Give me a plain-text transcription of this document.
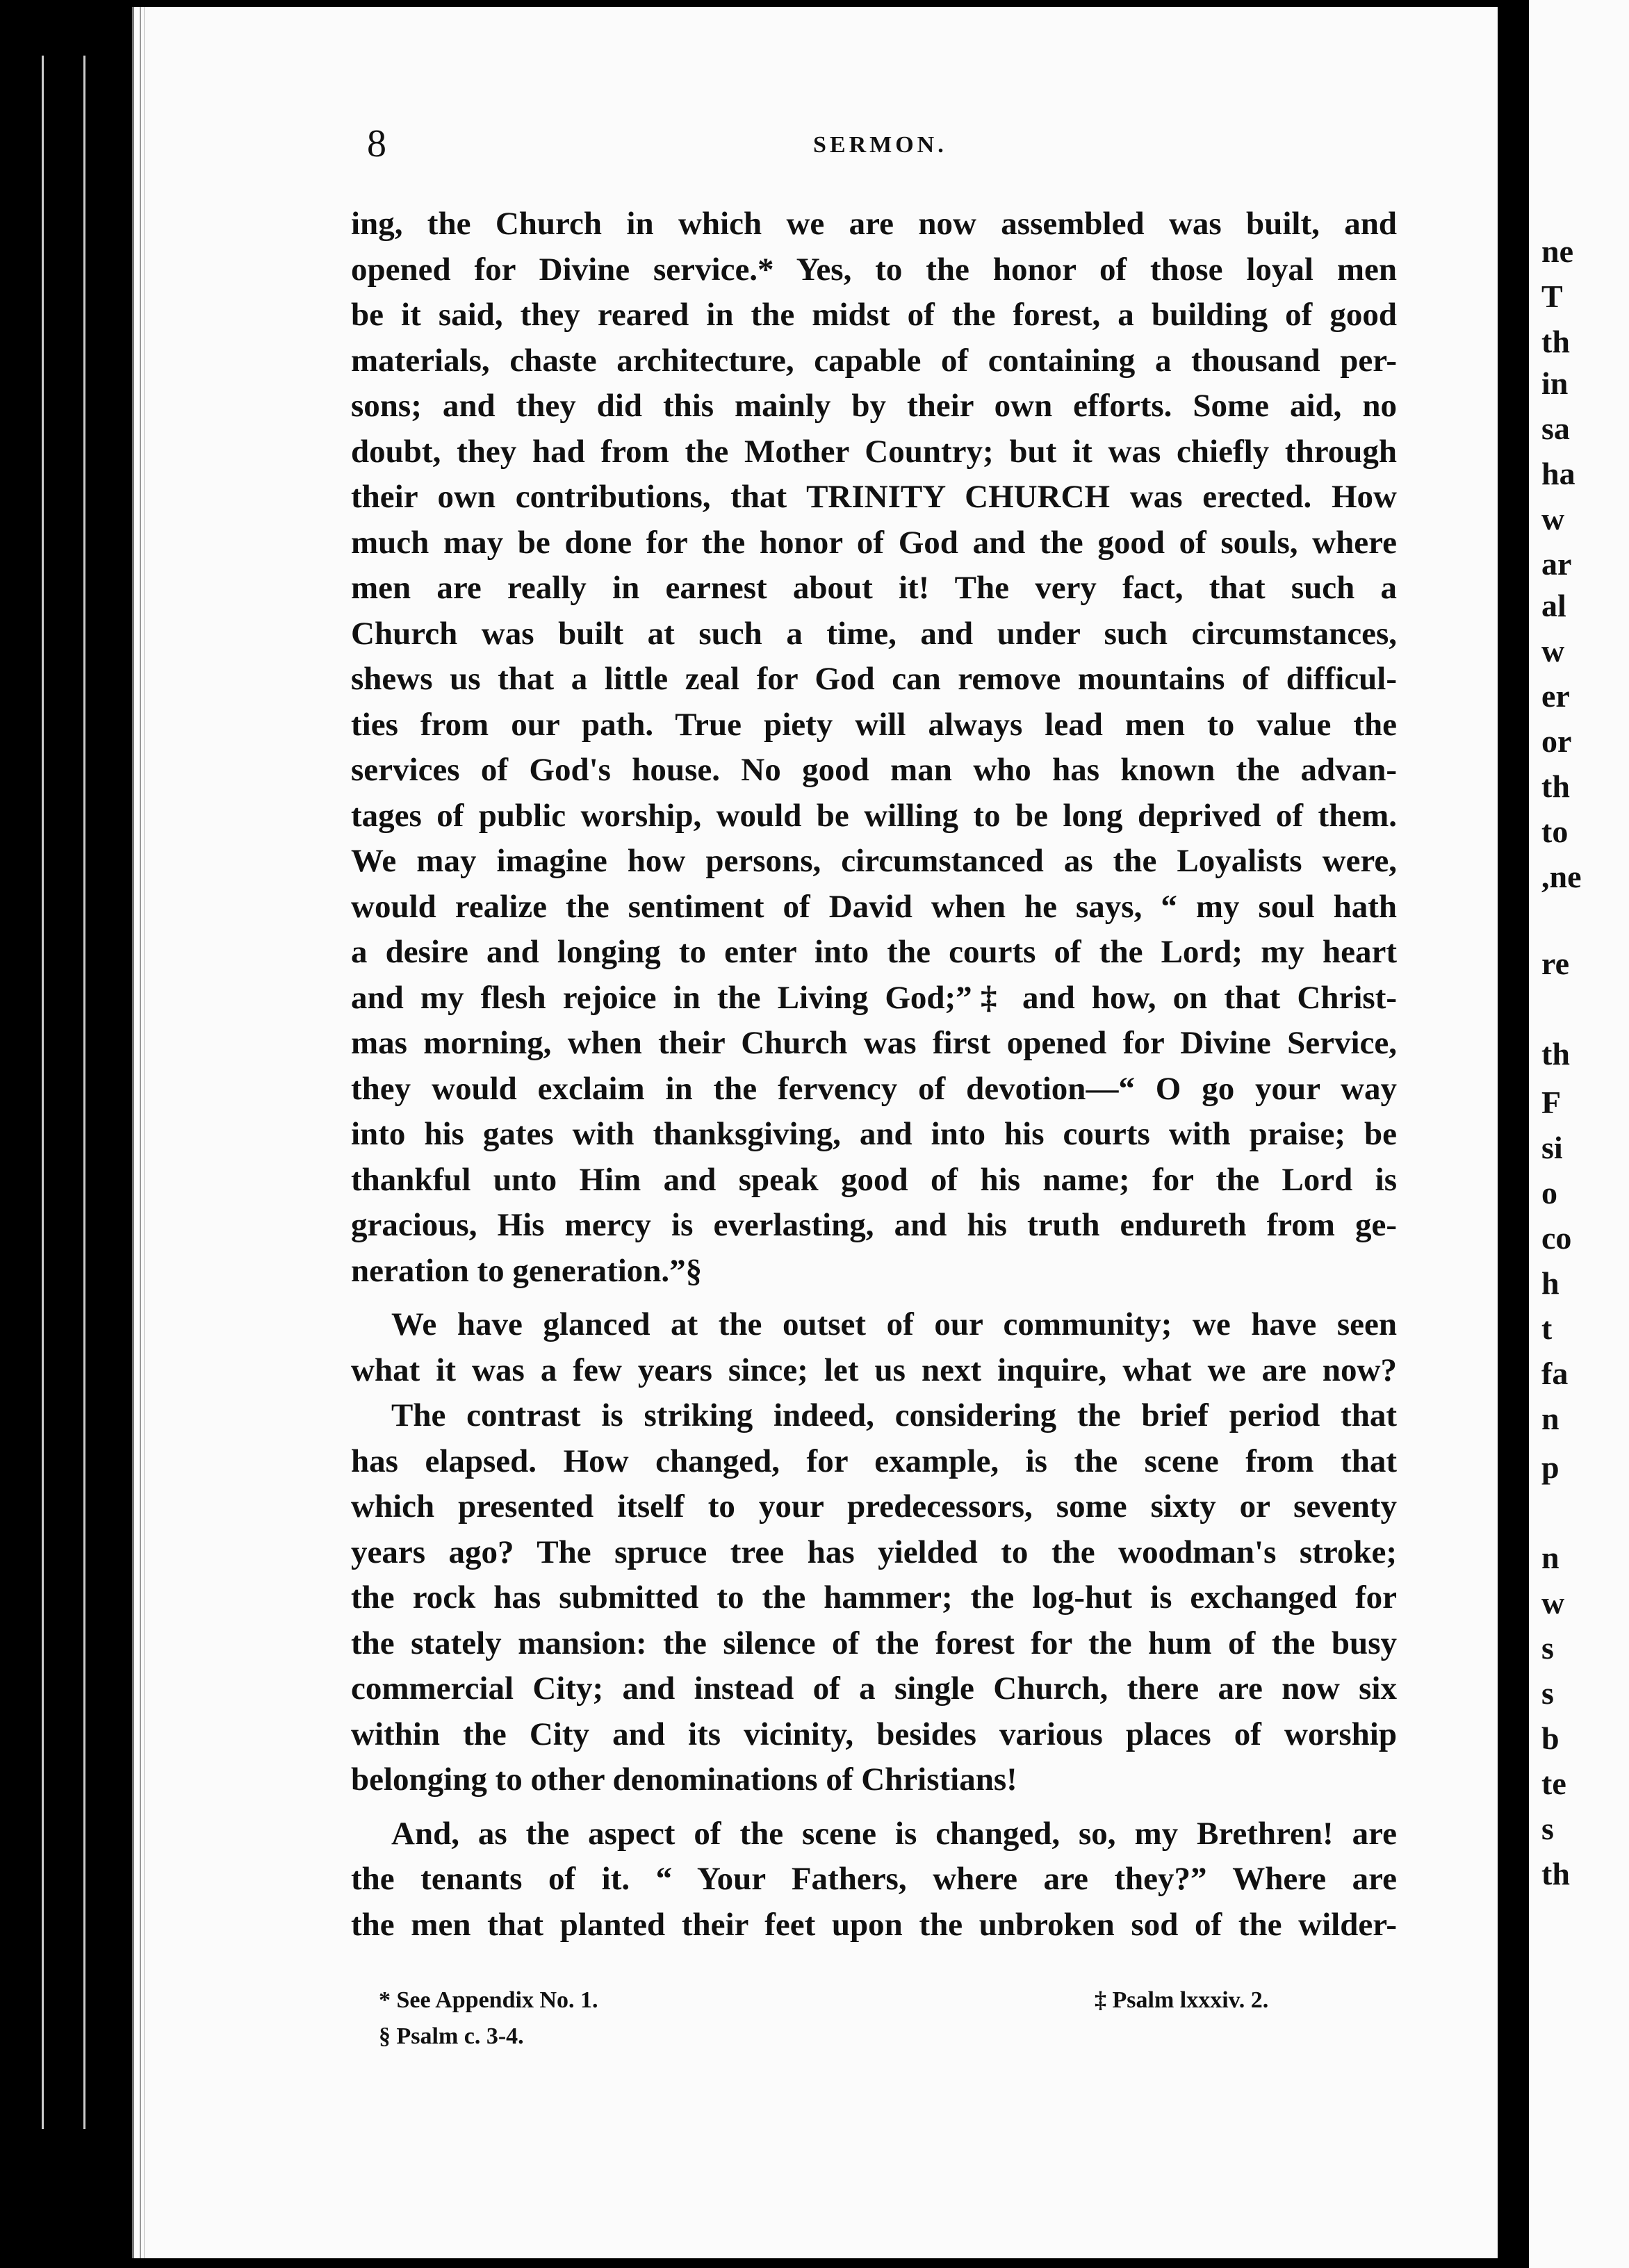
8	SERMON.
ing, the Church in which we are now assembled was built, and
opened for Divine service.* Yes, to the honor of those loyal men
be it said, they reared in the midst of the forest, a building of good
materials, chaste architecture, capable of containing a thousand per-
sons; and they did this mainly by their own efforts. Some aid, no
doubt, they had from the Mother Country; but it was chiefly through
their own contributions, that TRINITY CHURCH was erected. How
much may be done for the honor of God and the good of souls, where
men are really in earnest about it! The very fact, that such a
Church was built at such a time, and under such circumstances,
shews us that a little zeal for God can remove mountains of difficul-
ties from our path. True piety will always lead men to value the
services of God's house. No good man who has known the advan-
tages of public worship, would be willing to be long deprived of them.
We may imagine how persons, circumstanced as the Loyalists were,
would realize the sentiment of David when he says, “ my soul hath
a desire and longing to enter into the courts of the Lord; my heart
and my flesh rejoice in the Living God;”‡ and how, on that Christ-
mas morning, when their Church was first opened for Divine Service,
they would exclaim in the fervency of devotion—“ O go your way
into his gates with thanksgiving, and into his courts with praise; be
thankful unto Him and speak good of his name; for the Lord is
gracious, His mercy is everlasting, and his truth endureth from ge-
neration to generation.”§
We have glanced at the outset of our community; we have seen
what it was a few years since; let us next inquire, what we are now?
The contrast is striking indeed, considering the brief period that
has elapsed. How changed, for example, is the scene from that
which presented itself to your predecessors, some sixty or seventy
years ago? The spruce tree has yielded to the woodman's stroke;
the rock has submitted to the hammer; the log-hut is exchanged for
the stately mansion: the silence of the forest for the hum of the busy
commercial City; and instead of a single Church, there are now six
within the City and its vicinity, besides various places of worship
belonging to other denominations of Christians!
And, as the aspect of the scene is changed, so, my Brethren! are
the tenants of it. “ Your Fathers, where are they?” Where are
the men that planted their feet upon the unbroken sod of the wilder-
* See Appendix No. 1.	‡ Psalm lxxxiv. 2.
§ Psalm c. 3-4.
ne
T
th
in
sa
ha
w
ar
al
w
er
or
th
to
,ne
re
th
F
si
o
co
h
t
fa
n
p
n
w
s
s
b
te
s
th
